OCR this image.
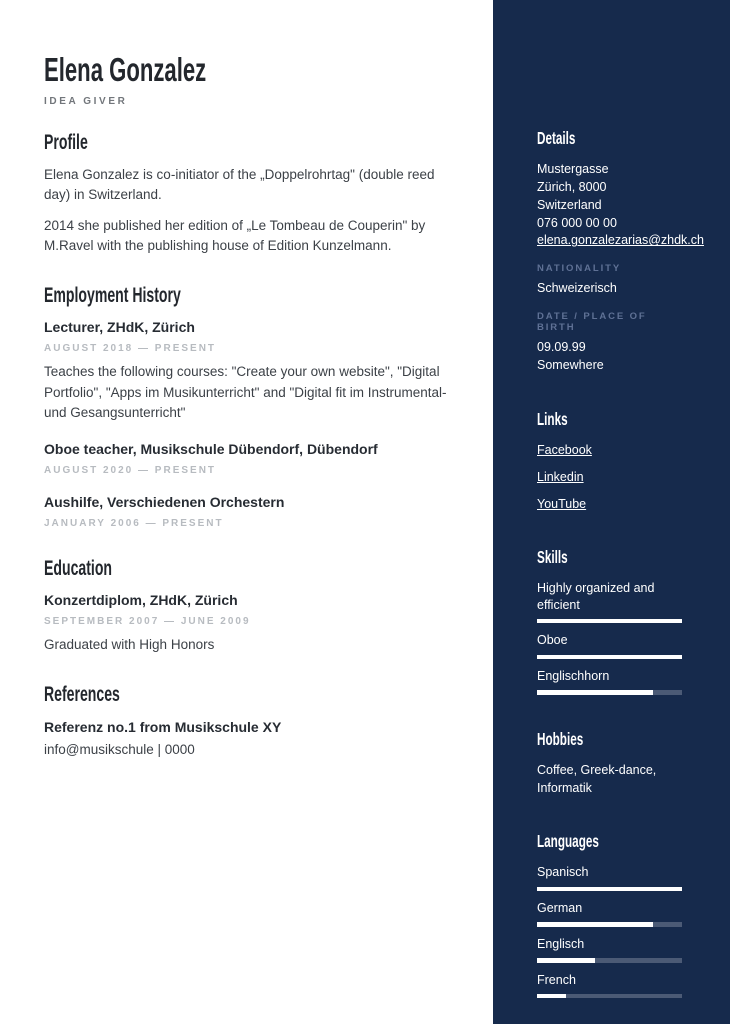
Elena Gonzalez
IDEA GIVER
Profile

Elena Gonzalez is co-initiator of the „Doppelrohrtag" (double reed day) in Switzerland.

2014 she published her edition of „Le Tombeau de Couperin" by M.Ravel with the publishing house of Edition Kunzelmann.

Employment History
Lecturer, ZHdK, Zürich
AUGUST 2018 — PRESENT

Teaches the following courses: "Create your own website", "Digital Portfolio", "Apps im Musikunterricht" and "Digital fit im Instrumental- und Gesangsunterricht"

Oboe teacher, Musikschule Dübendorf, Dübendorf
AUGUST 2020 — PRESENT
Aushilfe, Verschiedenen Orchestern
JANUARY 2006 — PRESENT
Education
Konzertdiplom, ZHdK, Zürich
SEPTEMBER 2007 — JUNE 2009

Graduated with High Honors

References
Referenz no.1 from Musikschule XY
info@musikschule | 0000
Details
Mustergasse
Zürich, 8000
Switzerland
076 000 00 00
elena.gonzalezarias@zhdk.ch
NATIONALITY
Schweizerisch
DATE / PLACE OF BIRTH
09.09.99
Somewhere
Links
Facebook
Linkedin
YouTube
Skills
Highly organized and efficient
Oboe
Englischhorn
Hobbies
Coffee, Greek-dance, Informatik
Languages
Spanisch
German
Englisch
French
